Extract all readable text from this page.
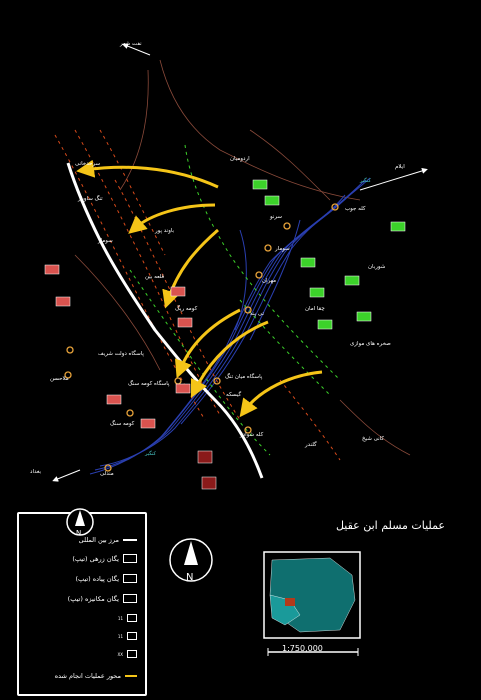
کنگیر
کنگیر
مندلی
بغداد
ایلام
نفت شهر
سرحدخانی
تنگ ساوبار
سومار
اردومیان
کله جوب
سرنو
سومار
مهران
باوند پور
قلعه بین
کومه ریگ
پاسگاه دولت شریف
پاسگاه کومه سنگ
پاسگاه میان تنگ
کومه سنگ
ملاحسن
گیسکه
کله شوادر
تی پنه
چقا امان
صخره های موازی
شوربان
گلندر
کانی شیخ
N
عملیات مسلم ابن عقیل
1:750,000
N
مرز بین المللی
یگان زرهی (تیپ)
یگان پیاده (تیپ)
یگان مکانیزه (تیپ)
11
11
XX
محور عملیات انجام شده
